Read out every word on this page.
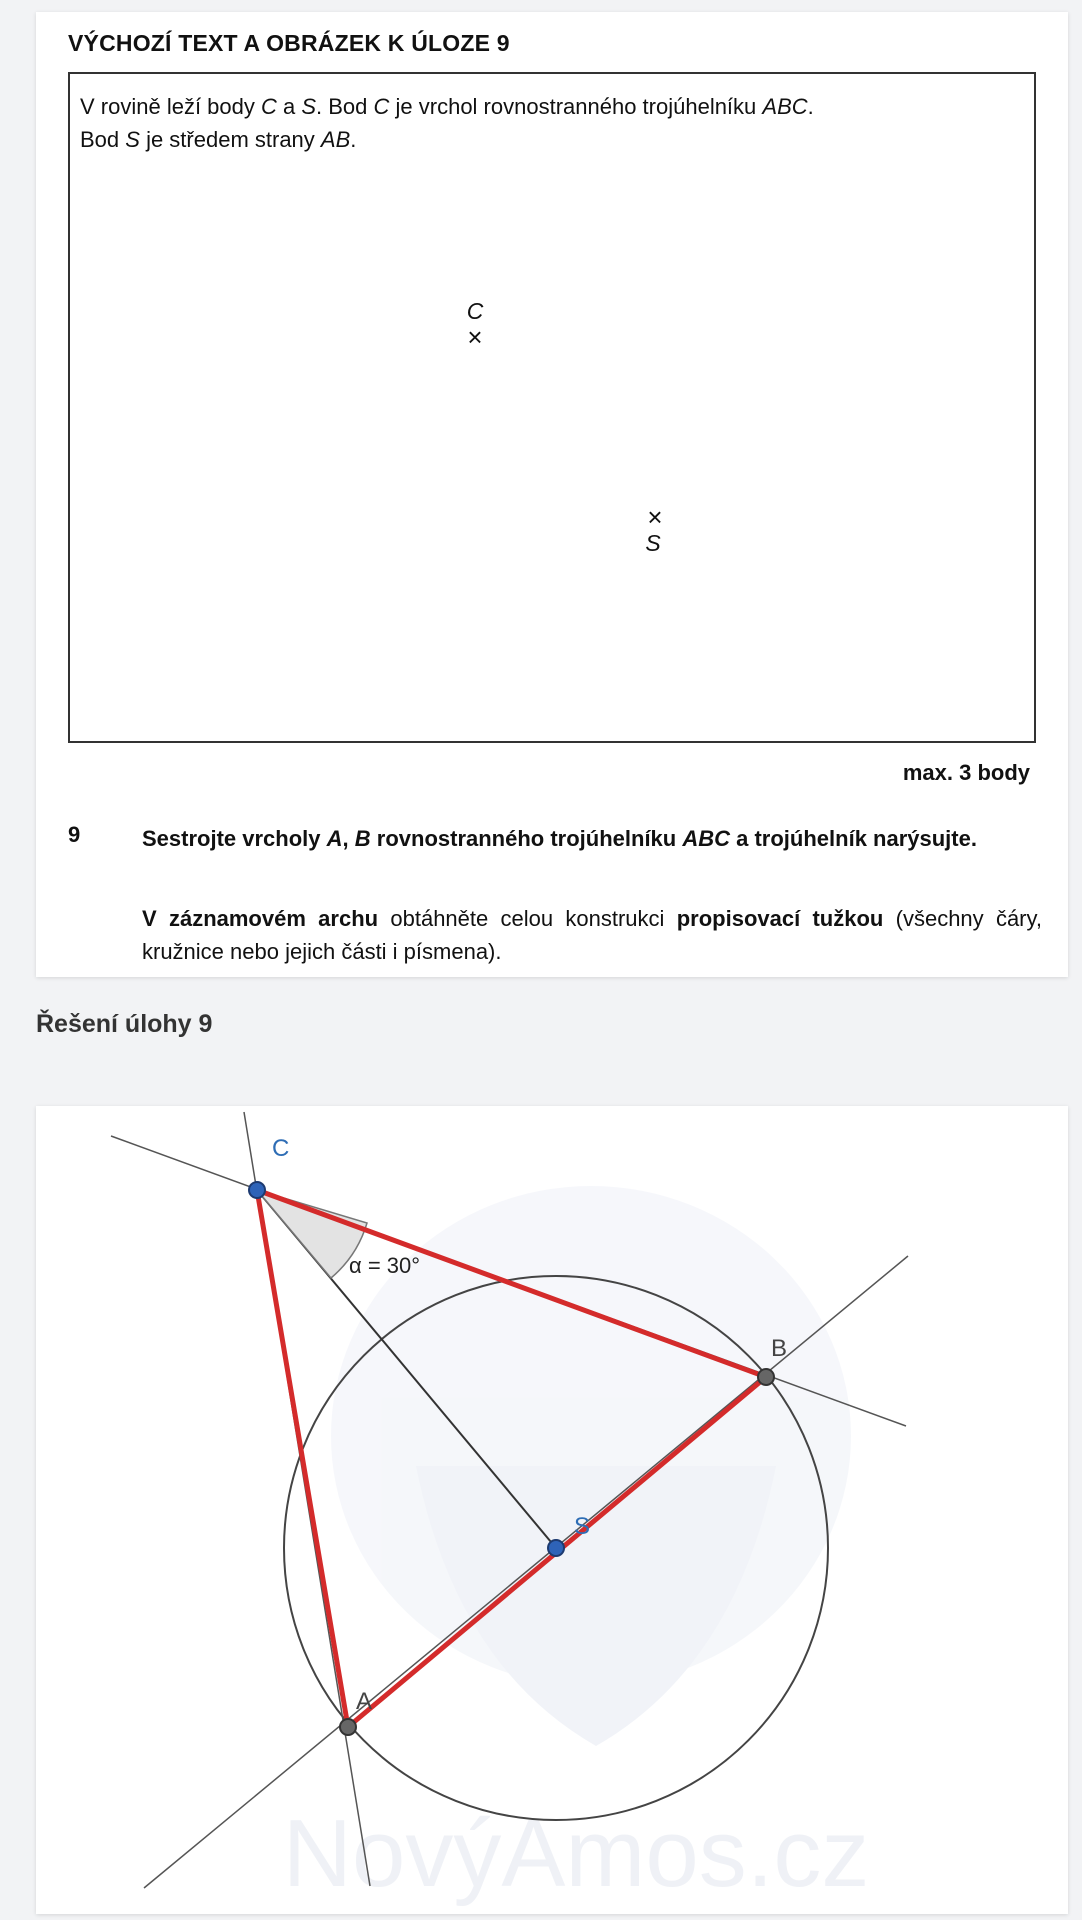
VÝCHOZÍ TEXT A OBRÁZEK K ÚLOZE 9
V rovině leží body C a S. Bod C je vrchol rovnostranného trojúhelníku ABC.
Bod S je středem strany AB.
C
×
×
S
max. 3 body
9	Sestrojte vrcholy A, B rovnostranného trojúhelníku ABC a trojúhelník narýsujte.
V záznamovém archu obtáhněte celou konstrukci propisovací tužkou (všechny čáry, kružnice nebo jejich části i písmena).
Řešení úlohy 9
NovýAmos.cz
α = 30°
C
B
S
A
